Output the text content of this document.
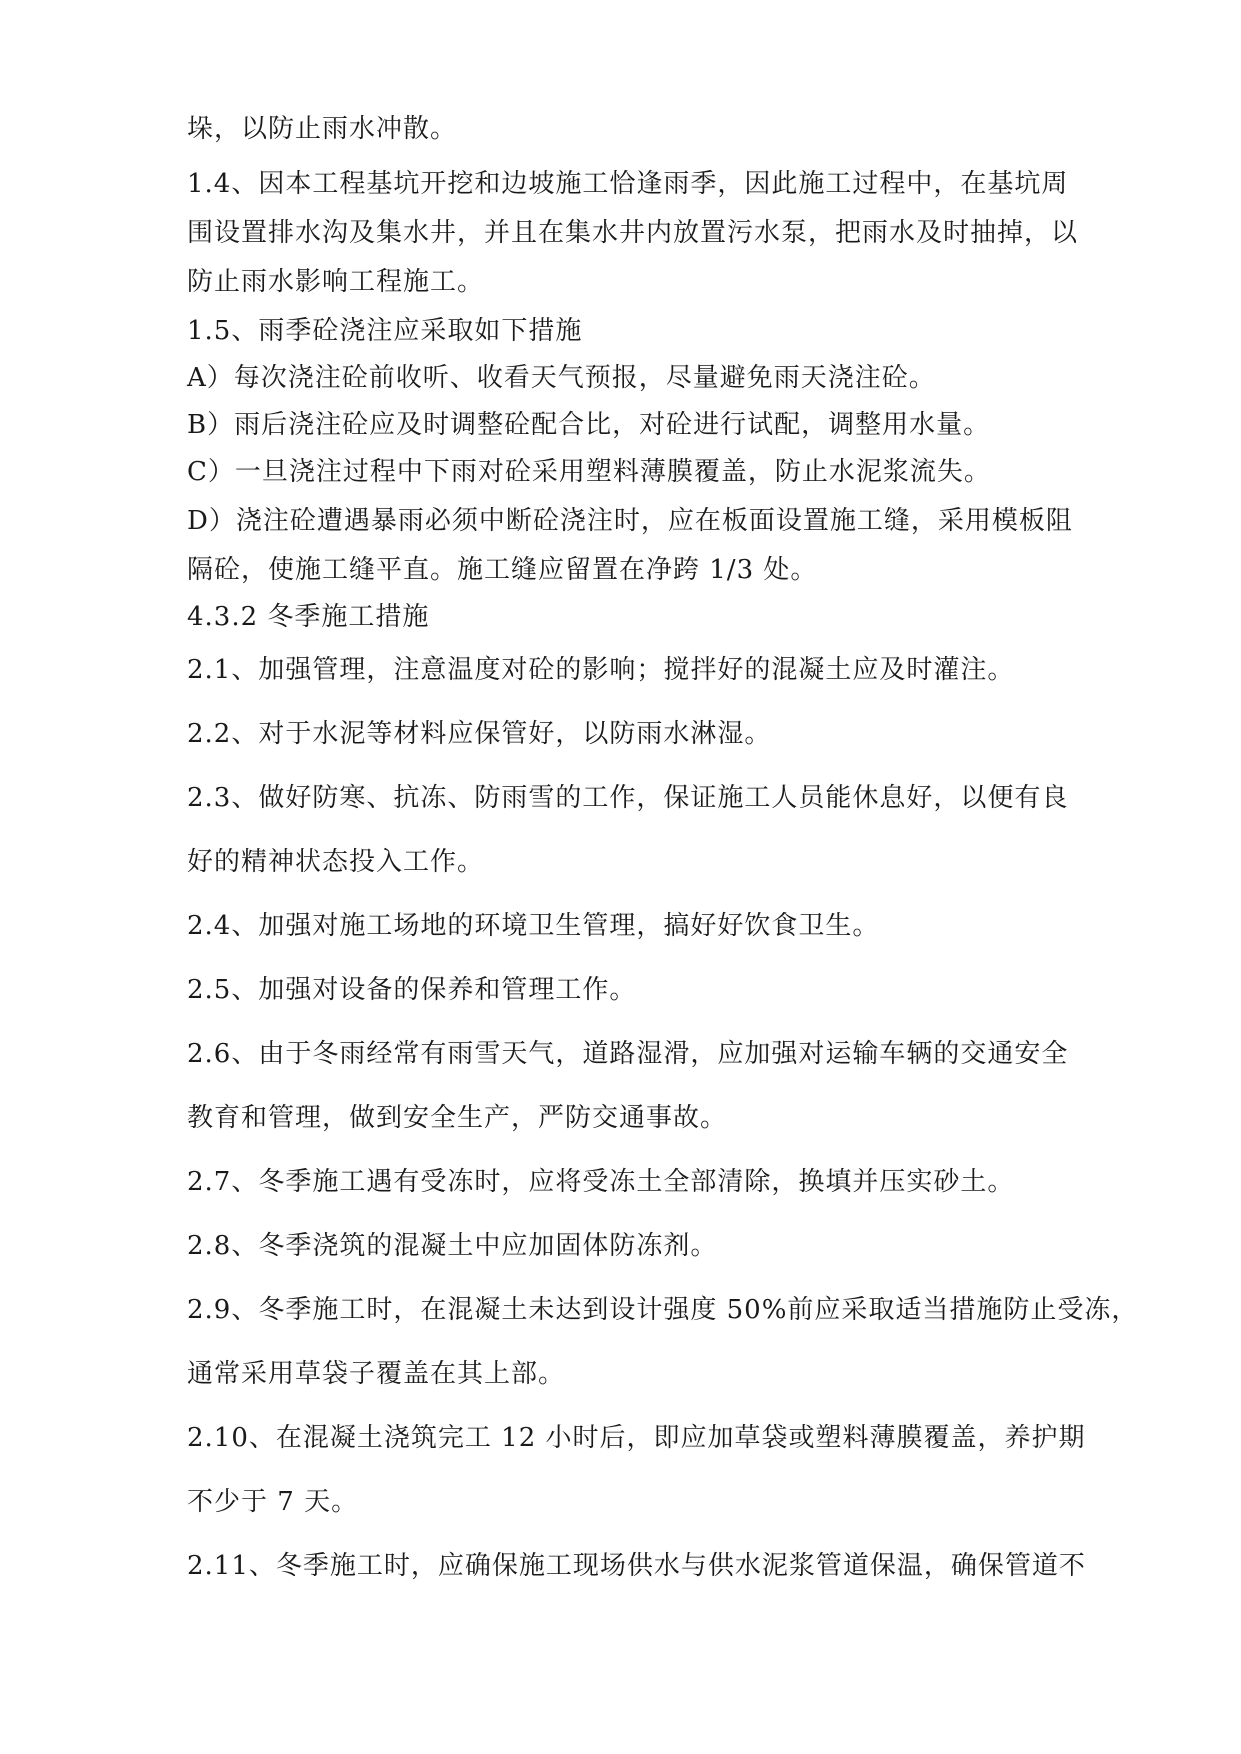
垛，以防止雨水冲散。
1.4、因本工程基坑开挖和边坡施工恰逢雨季，因此施工过程中，在基坑周
围设置排水沟及集水井，并且在集水井内放置污水泵，把雨水及时抽掉，以
防止雨水影响工程施工。
1.5、雨季砼浇注应采取如下措施
A）每次浇注砼前收听、收看天气预报，尽量避免雨天浇注砼。
B）雨后浇注砼应及时调整砼配合比，对砼进行试配，调整用水量。
C）一旦浇注过程中下雨对砼采用塑料薄膜覆盖，防止水泥浆流失。
D）浇注砼遭遇暴雨必须中断砼浇注时，应在板面设置施工缝，采用模板阻
隔砼，使施工缝平直。施工缝应留置在净跨 1/3 处。
4.3.2 冬季施工措施
2.1、加强管理，注意温度对砼的影响；搅拌好的混凝土应及时灌注。
2.2、对于水泥等材料应保管好，以防雨水淋湿。
2.3、做好防寒、抗冻、防雨雪的工作，保证施工人员能休息好，以便有良
好的精神状态投入工作。
2.4、加强对施工场地的环境卫生管理，搞好好饮食卫生。
2.5、加强对设备的保养和管理工作。
2.6、由于冬雨经常有雨雪天气，道路湿滑，应加强对运输车辆的交通安全
教育和管理，做到安全生产，严防交通事故。
2.7、冬季施工遇有受冻时，应将受冻土全部清除，换填并压实砂土。
2.8、冬季浇筑的混凝土中应加固体防冻剂。
2.9、冬季施工时，在混凝土未达到设计强度 50%前应采取适当措施防止受冻，
通常采用草袋子覆盖在其上部。
2.10、在混凝土浇筑完工 12 小时后，即应加草袋或塑料薄膜覆盖，养护期
不少于 7 天。
2.11、冬季施工时，应确保施工现场供水与供水泥浆管道保温，确保管道不
